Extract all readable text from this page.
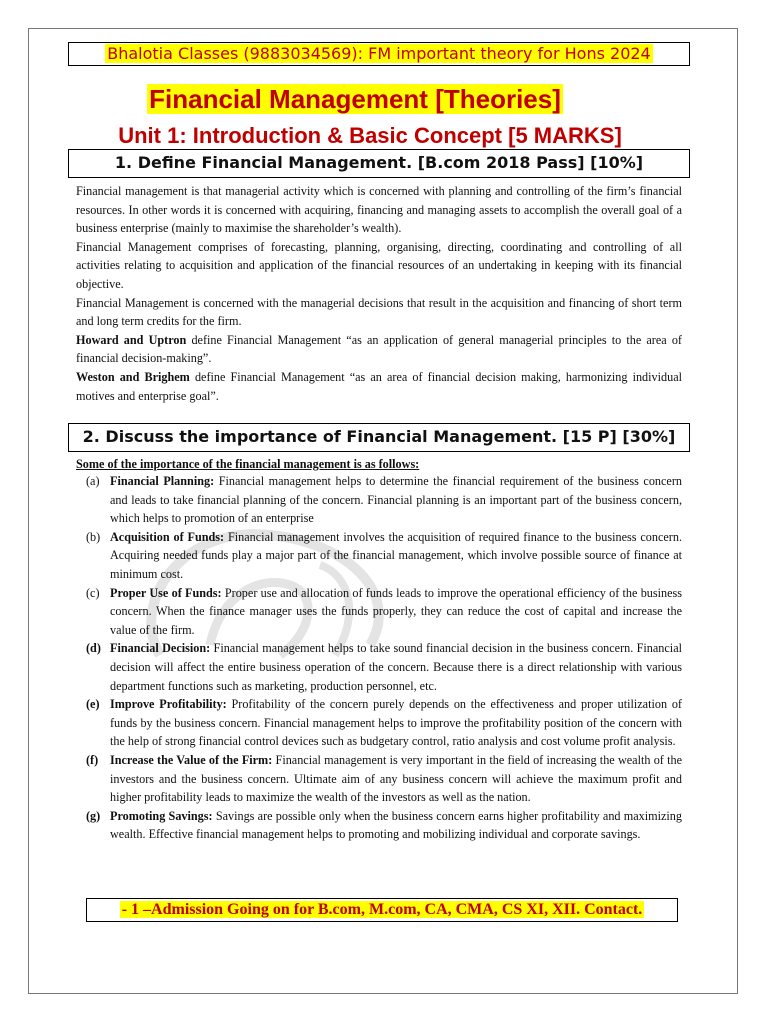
Bhalotia Classes (9883034569): FM important theory for Hons 2024
Financial Management [Theories]
Unit 1: Introduction & Basic Concept [5 MARKS]
1. Define Financial Management. [B.com 2018 Pass] [10%]

Financial management is that managerial activity which is concerned with planning and controlling of the firm’s financial resources. In other words it is concerned with acquiring, financing and managing assets to accomplish the overall goal of a business enterprise (mainly to maximise the shareholder’s wealth).

Financial Management comprises of forecasting, planning, organising, directing, coordinating and controlling of all activities relating to acquisition and application of the financial resources of an undertaking in keeping with its financial objective.

Financial Management is concerned with the managerial decisions that result in the acquisition and financing of short term and long term credits for the firm.

Howard and Uptron define Financial Management “as an application of general managerial principles to the area of financial decision-making”.

Weston and Brighem define Financial Management “as an area of financial decision making, harmonizing individual motives and enterprise goal”.

2. Discuss the importance of Financial Management. [15 P] [30%]
Some of the importance of the financial management is as follows:
(a) Financial Planning: Financial management helps to determine the financial requirement of the business concern and leads to take financial planning of the concern. Financial planning is an important part of the business concern, which helps to promotion of an enterprise
(b) Acquisition of Funds: Financial management involves the acquisition of required finance to the business concern. Acquiring needed funds play a major part of the financial management, which involve possible source of finance at minimum cost.
(c) Proper Use of Funds: Proper use and allocation of funds leads to improve the operational efficiency of the business concern. When the finance manager uses the funds properly, they can reduce the cost of capital and increase the value of the firm.
(d) Financial Decision: Financial management helps to take sound financial decision in the business concern. Financial decision will affect the entire business operation of the concern. Because there is a direct relationship with various department functions such as marketing, production personnel, etc.
(e) Improve Profitability: Profitability of the concern purely depends on the effectiveness and proper utilization of funds by the business concern. Financial management helps to improve the profitability position of the concern with the help of strong financial control devices such as budgetary control, ratio analysis and cost volume profit analysis.
(f) Increase the Value of the Firm: Financial management is very important in the field of increasing the wealth of the investors and the business concern. Ultimate aim of any business concern will achieve the maximum profit and higher profitability leads to maximize the wealth of the investors as well as the nation.
(g) Promoting Savings: Savings are possible only when the business concern earns higher profitability and maximizing wealth. Effective financial management helps to promoting and mobilizing individual and corporate savings.
- 1 –Admission Going on for B.com, M.com, CA, CMA, CS XI, XII. Contact.
